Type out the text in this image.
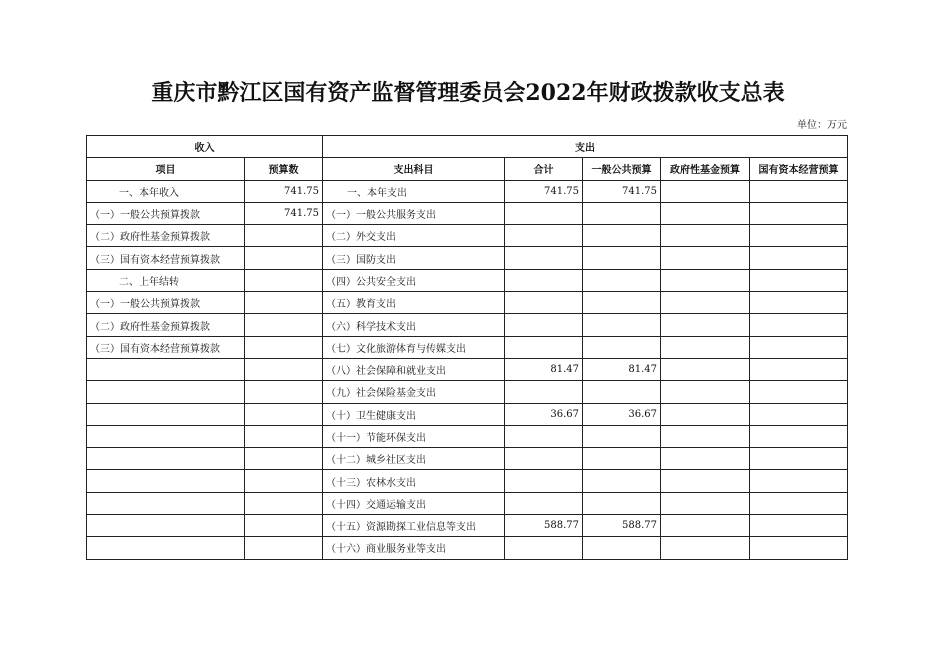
重庆市黔江区国有资产监督管理委员会2022年财政拨款收支总表
单位：万元
收入		支出				
项目	预算数	支出科目	合计	一般公共预算	政府性基金预算	国有资本经营预算
一、本年收入	741.75	一、本年支出	741.75	741.75		
（一）一般公共预算拨款	741.75	（一）一般公共服务支出				
（二）政府性基金预算拨款		（二）外交支出				
（三）国有资本经营预算拨款		（三）国防支出				
二、上年结转		（四）公共安全支出				
（一）一般公共预算拨款		（五）教育支出				
（二）政府性基金预算拨款		（六）科学技术支出				
（三）国有资本经营预算拨款		（七）文化旅游体育与传媒支出				
		（八）社会保障和就业支出	81.47	81.47		
		（九）社会保险基金支出				
		（十）卫生健康支出	36.67	36.67		
		（十一）节能环保支出				
		（十二）城乡社区支出				
		（十三）农林水支出				
		（十四）交通运输支出				
		（十五）资源勘探工业信息等支出	588.77	588.77		
		（十六）商业服务业等支出				
